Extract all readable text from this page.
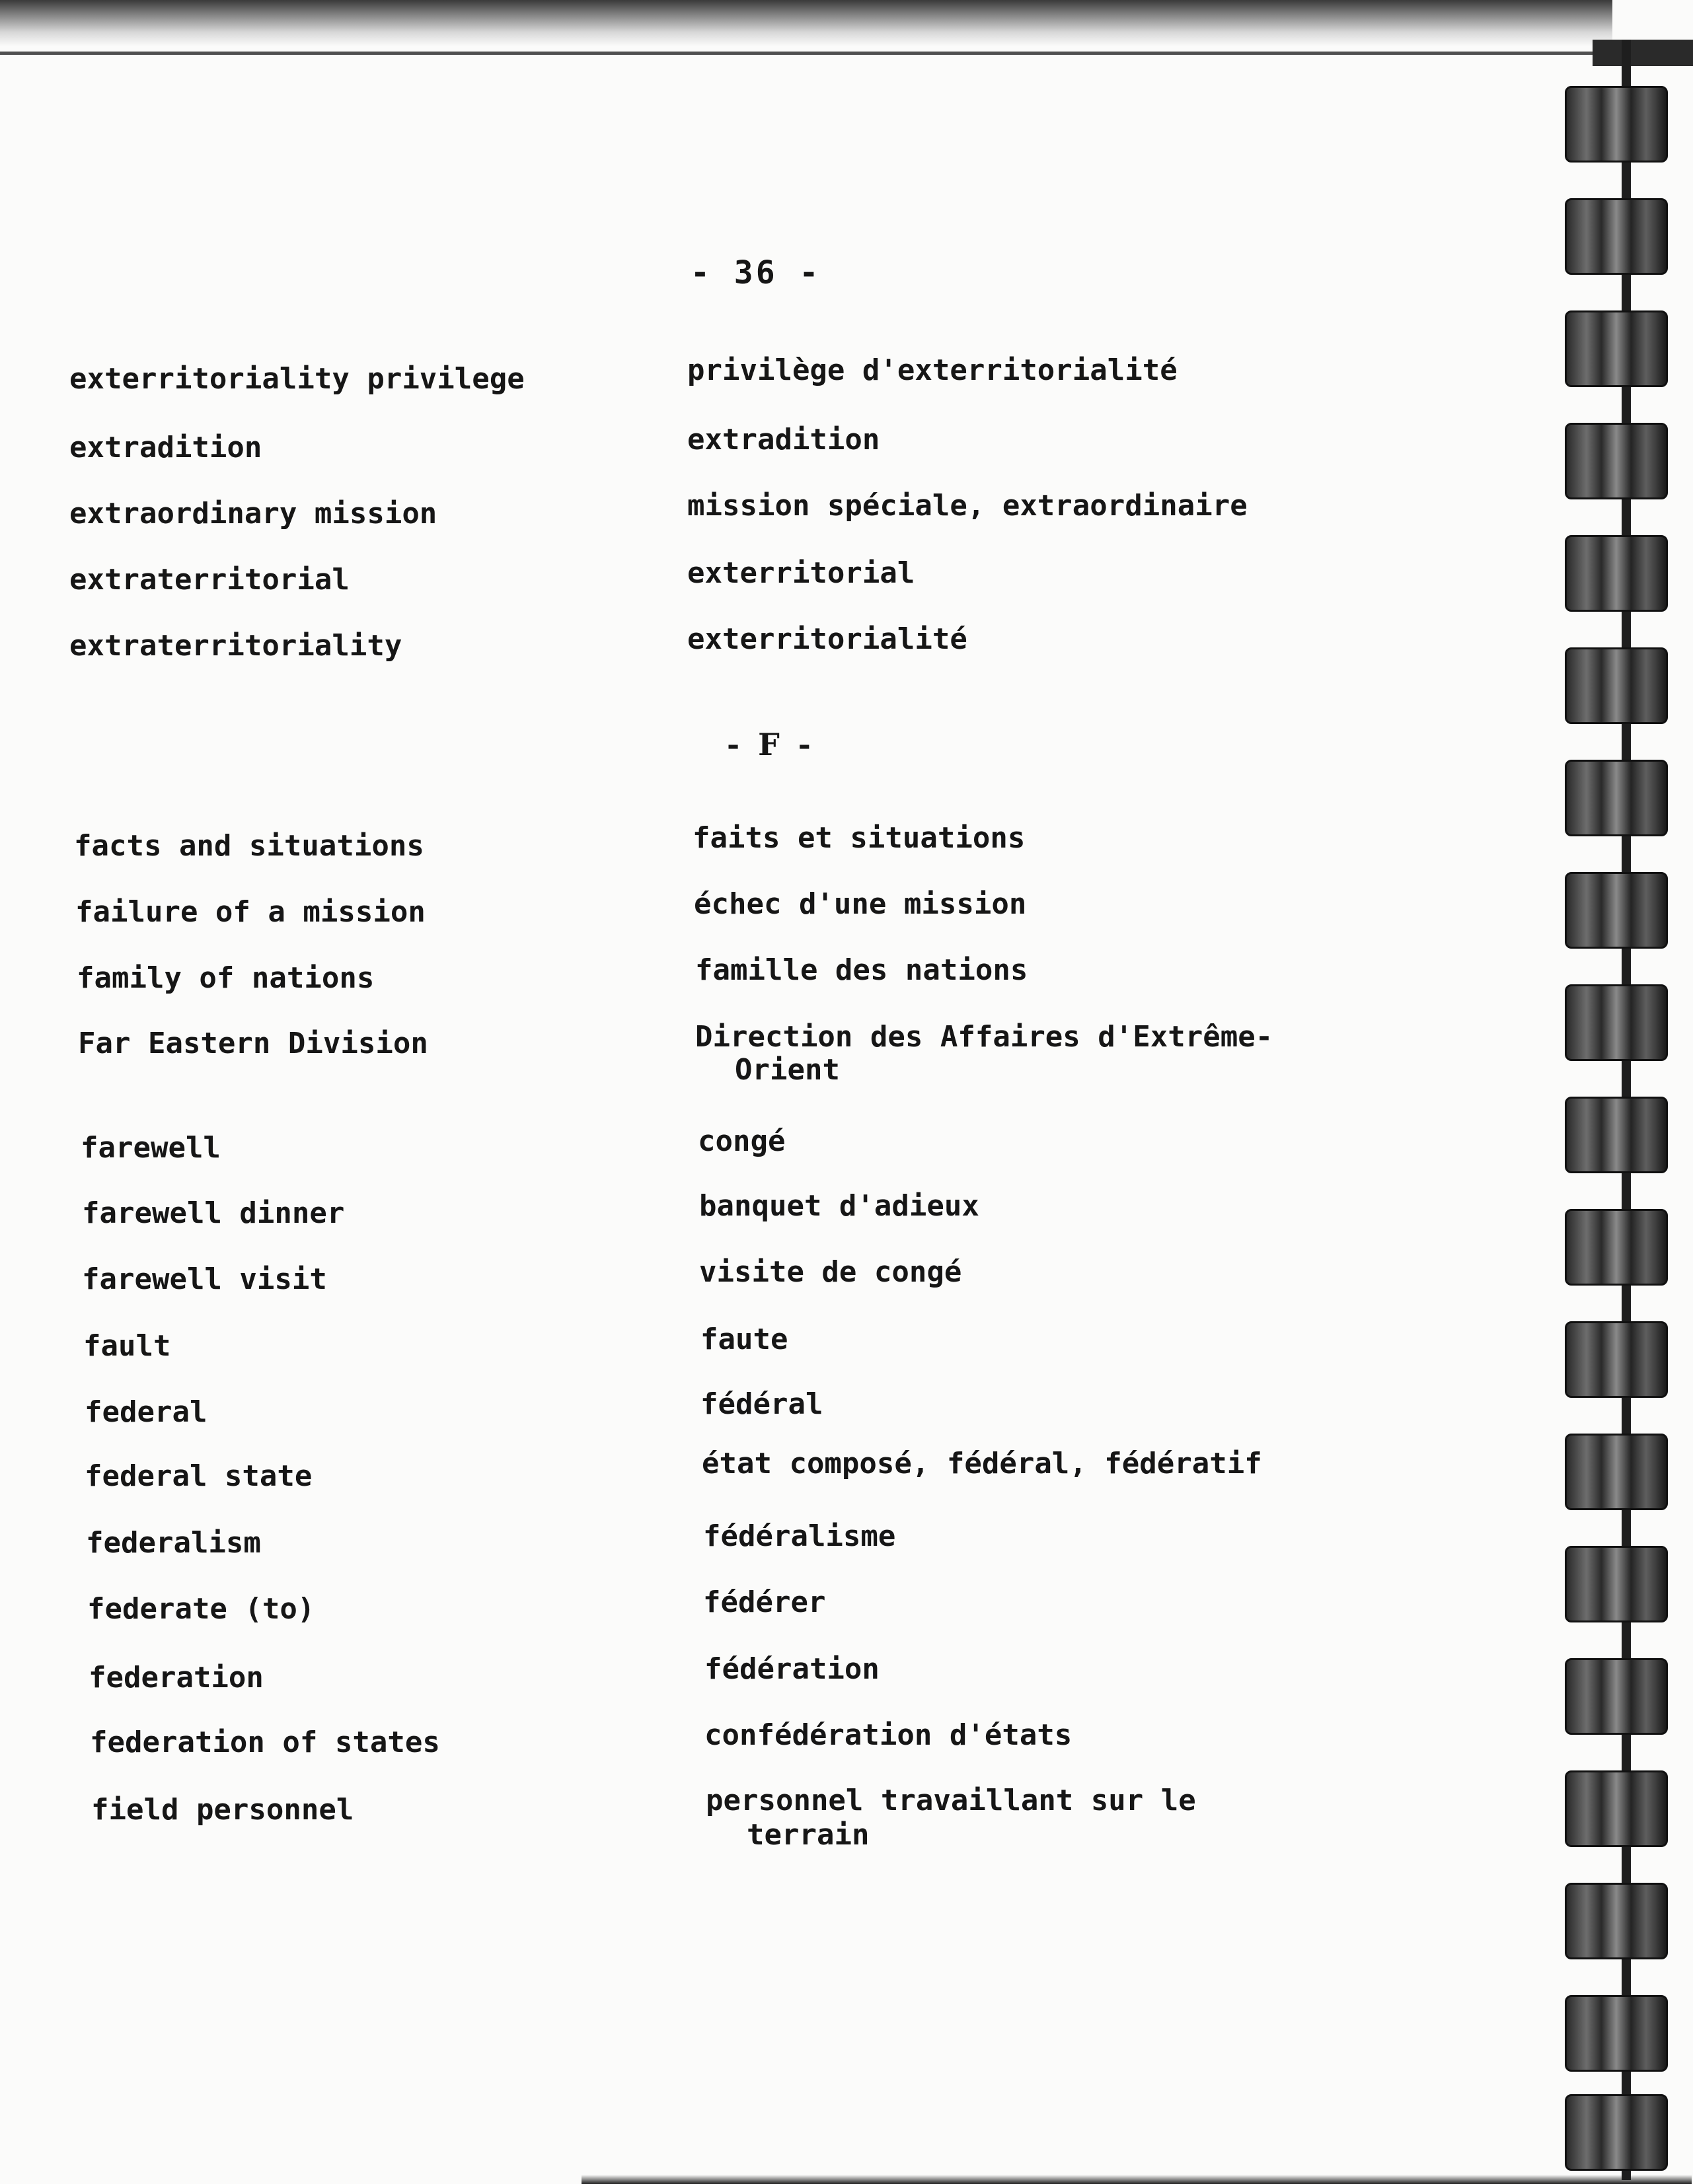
- 36 -
exterritoriality privilege	privilège d'exterritorialité
extradition	extradition
extraordinary mission	mission spéciale, extraordinaire
extraterritorial	exterritorial
extraterritoriality	exterritorialité
- F -
facts and situations	faits et situations
failure of a mission	échec d'une mission
family of nations	famille des nations
Far Eastern Division	Direction des Affaires d'Extrême-
Orient
farewell	congé
farewell dinner	banquet d'adieux
farewell visit	visite de congé
fault	faute
federal	fédéral
federal state	état composé, fédéral, fédératif
federalism	fédéralisme
federate (to)	fédérer
federation	fédération
federation of states	confédération d'états
field personnel	personnel travaillant sur le
terrain
